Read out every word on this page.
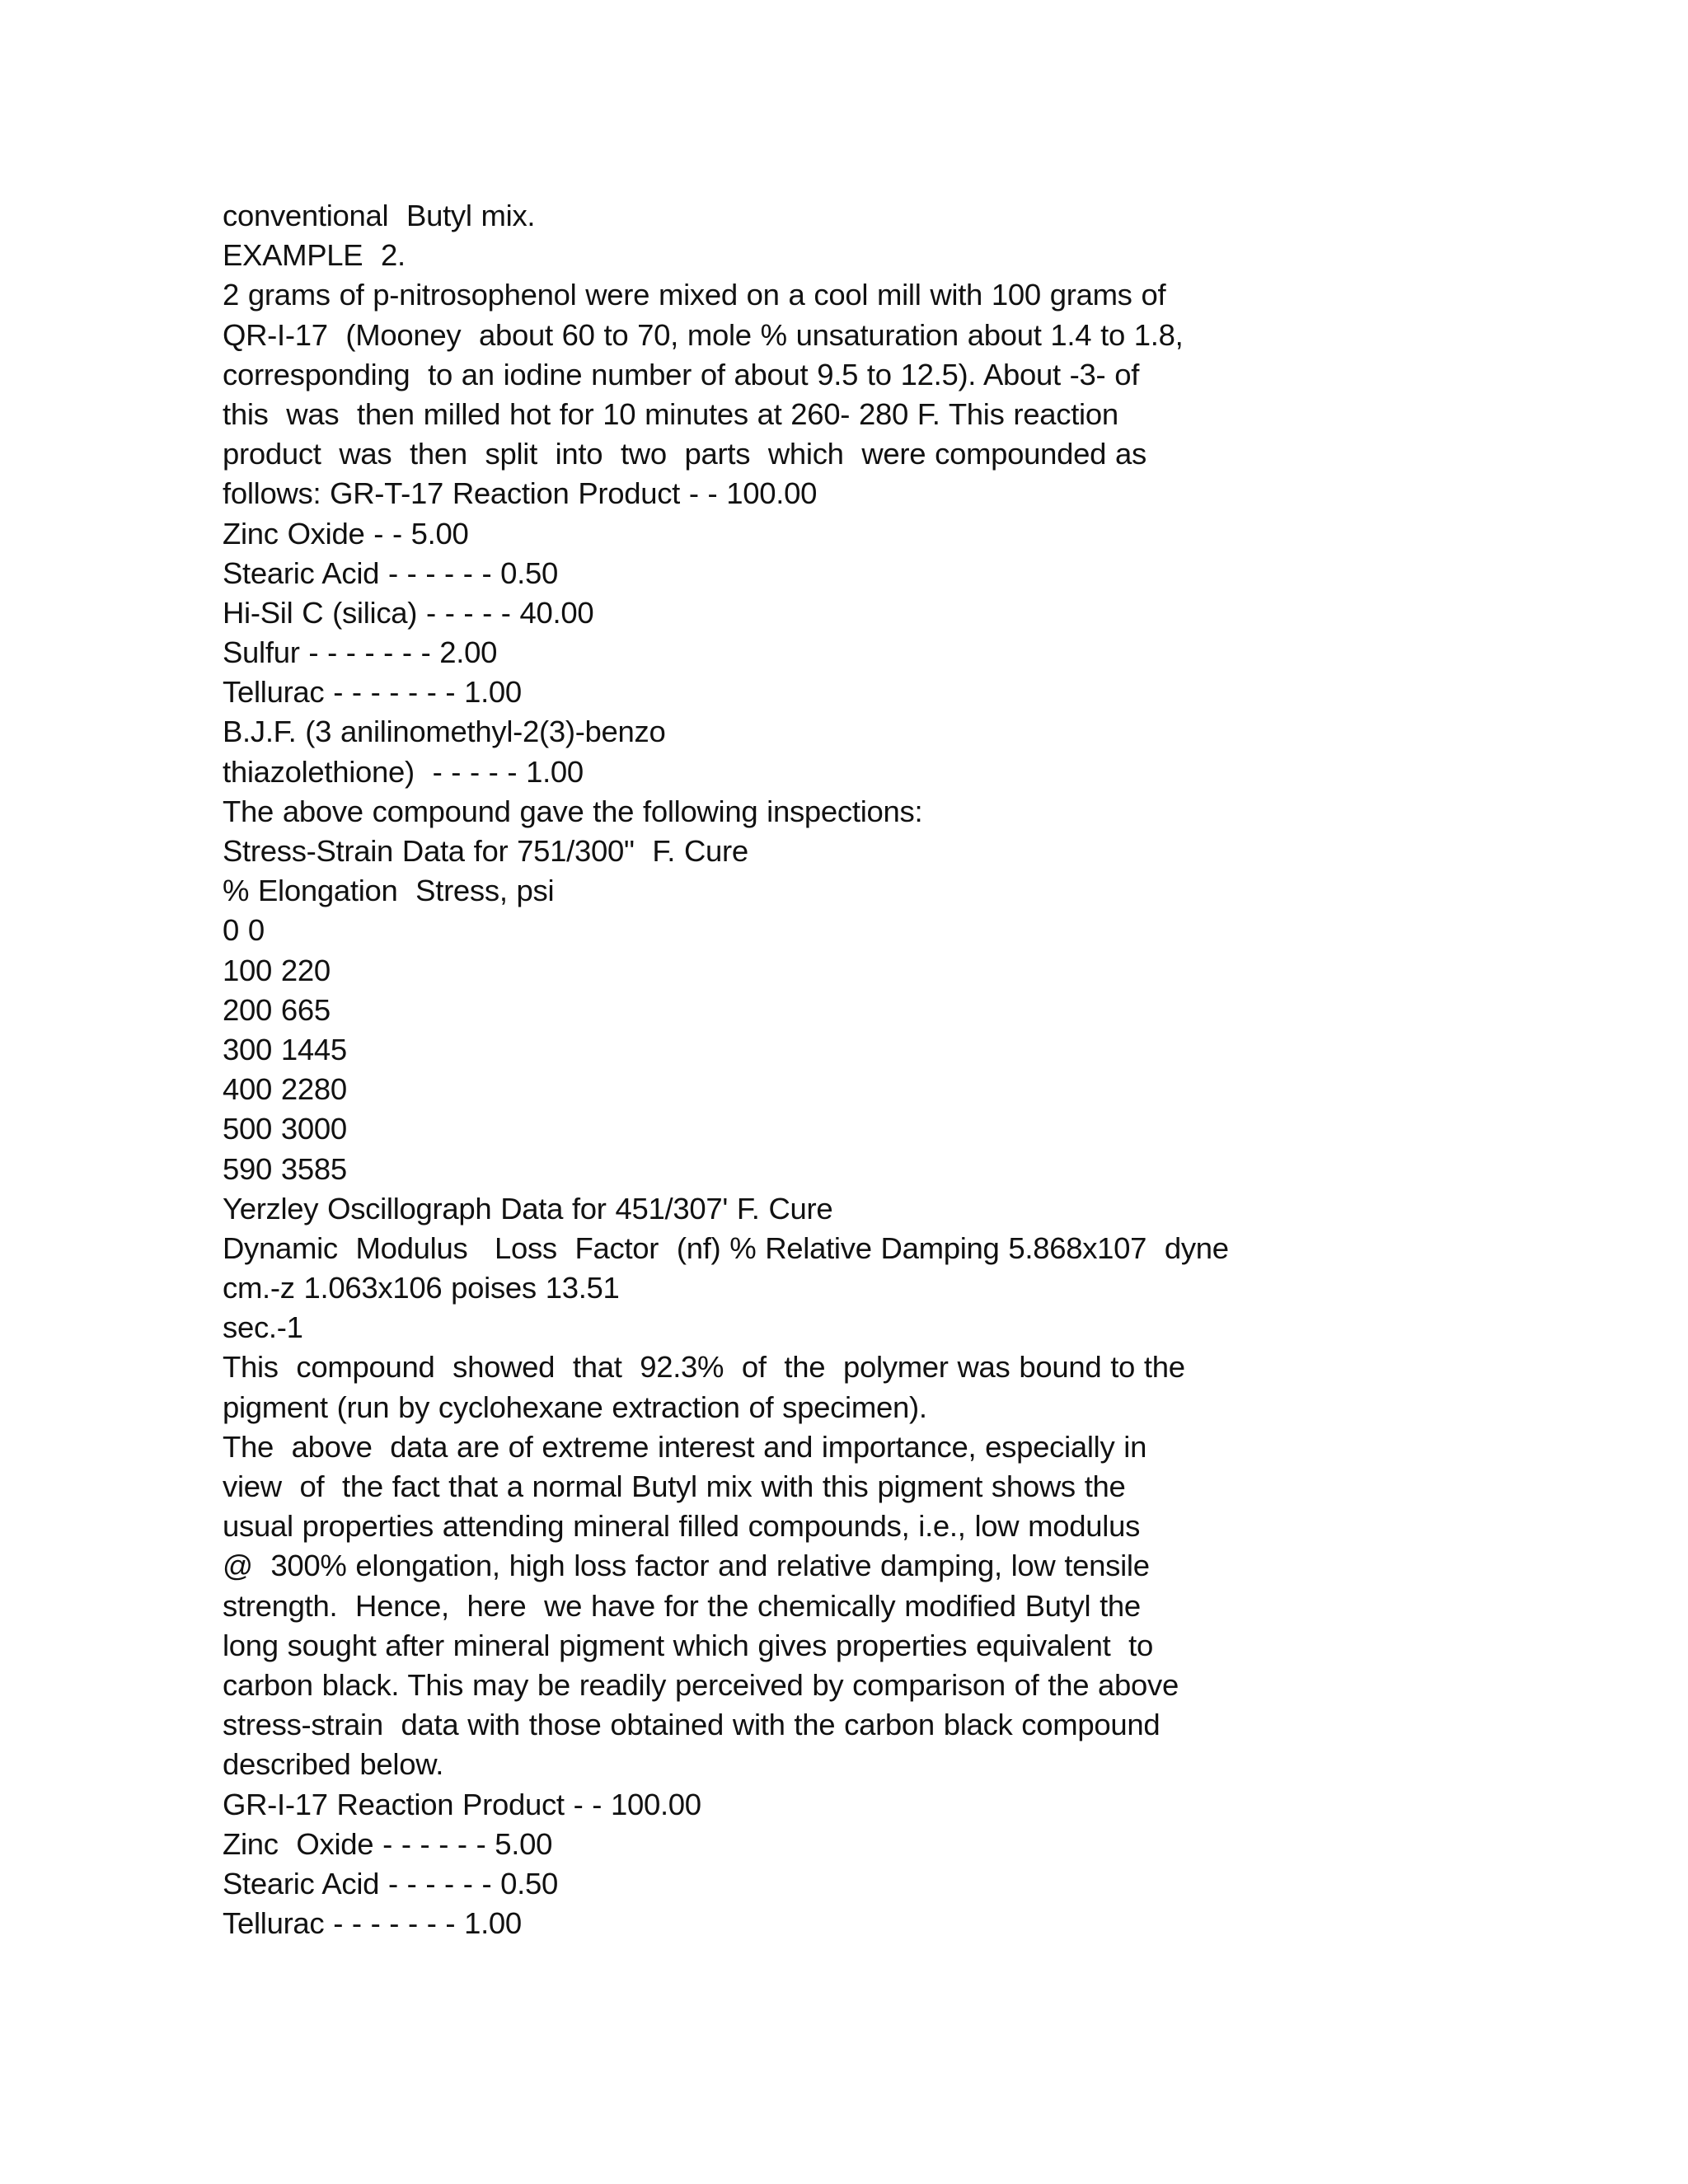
conventional  Butyl mix.
EXAMPLE  2.
2 grams of p-nitrosophenol were mixed on a cool mill with 100 grams of
QR-I-17  (Mooney  about 60 to 70, mole % unsaturation about 1.4 to 1.8,
corresponding  to an iodine number of about 9.5 to 12.5). About -3- of
this  was  then milled hot for 10 minutes at 260- 280 F. This reaction
product  was  then  split  into  two  parts  which  were compounded as
follows: GR-T-17 Reaction Product - - 100.00
Zinc Oxide - - 5.00
Stearic Acid - - - - - - 0.50
Hi-Sil C (silica) - - - - - 40.00
Sulfur - - - - - - - 2.00
Tellurac - - - - - - - 1.00
B.J.F. (3 anilinomethyl-2(3)-benzo
thiazolethione)  - - - - - 1.00
The above compound gave the following inspections:
Stress-Strain Data for 751/300"  F. Cure
% Elongation  Stress, psi
0 0
100 220
200 665
300 1445
400 2280
500 3000
590 3585
Yerzley Oscillograph Data for 451/307' F. Cure
Dynamic  Modulus   Loss  Factor  (nf) % Relative Damping 5.868x107  dyne
cm.-z 1.063x106 poises 13.51
sec.-1
This  compound  showed  that  92.3%  of  the  polymer was bound to the
pigment (run by cyclohexane extraction of specimen).
The  above  data are of extreme interest and importance, especially in
view  of  the fact that a normal Butyl mix with this pigment shows the
usual properties attending mineral filled compounds, i.e., low modulus
@  300% elongation, high loss factor and relative damping, low tensile
strength.  Hence,  here  we have for the chemically modified Butyl the
long sought after mineral pigment which gives properties equivalent  to
carbon black. This may be readily perceived by comparison of the above
stress-strain  data with those obtained with the carbon black compound
described below.
GR-I-17 Reaction Product - - 100.00
Zinc  Oxide - - - - - - 5.00
Stearic Acid - - - - - - 0.50
Tellurac - - - - - - - 1.00
